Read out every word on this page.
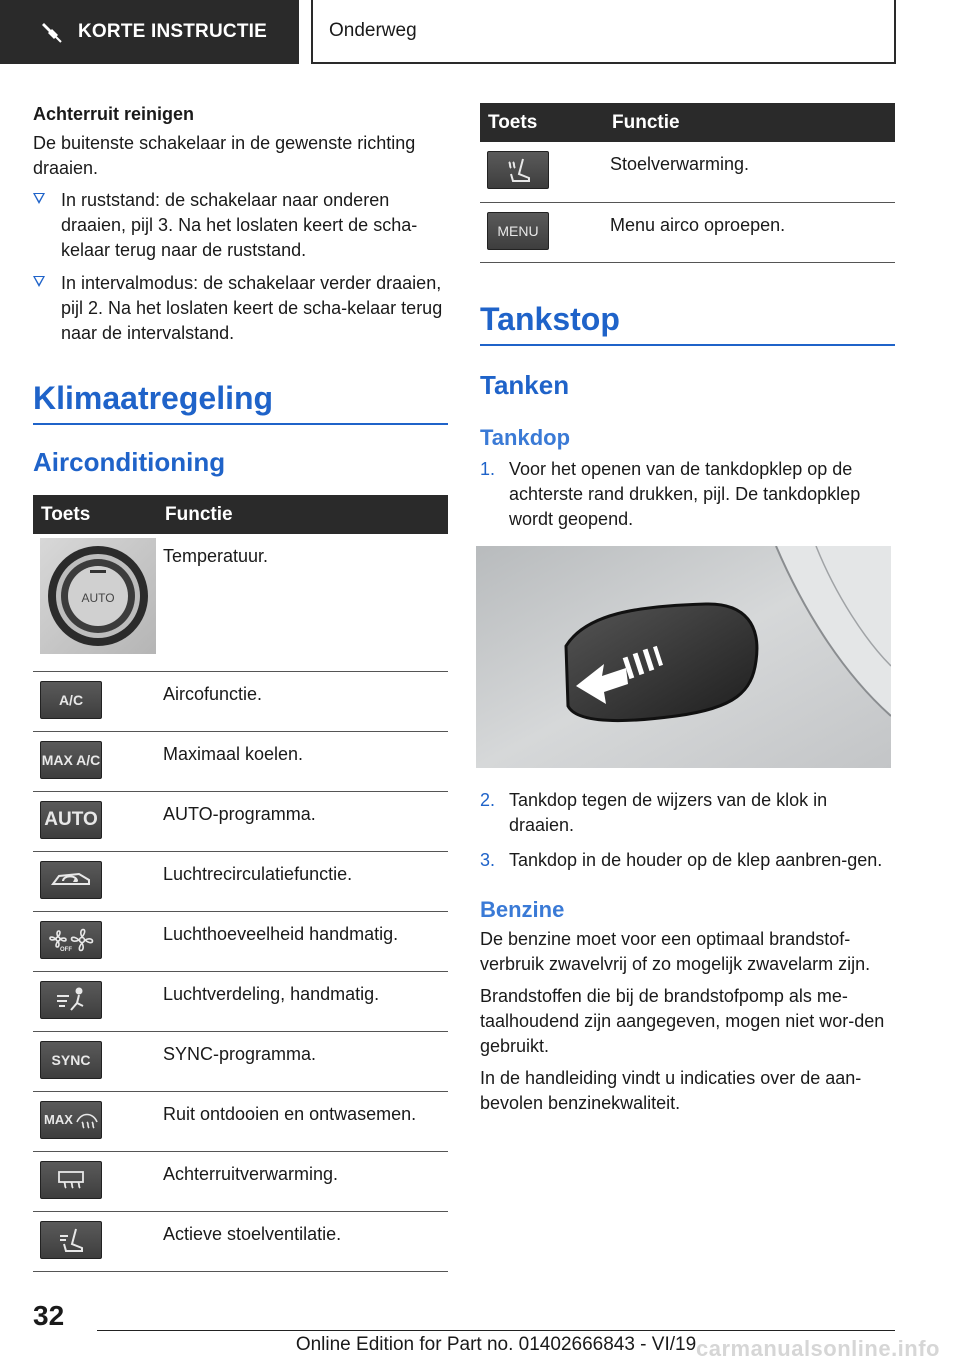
KORTE INSTRUCTIE	Onderweg
Achterruit reinigen

De buitenste schakelaar in de gewenste richting draaien.

In ruststand: de schakelaar naar onderen draaien, pijl 3. Na het loslaten keert de scha-kelaar terug naar de ruststand.
In intervalmodus: de schakelaar verder draaien, pijl 2. Na het loslaten keert de scha-kelaar terug naar de intervalstand.
Klimaatregeling
Airconditioning
Toets	Functie

AUTO	Temperatuur.

A/C	Aircofunctie.

MAX A/C	Maximaal koelen.

AUTO	AUTO-programma.

	Luchtrecirculatiefunctie.

OFF	Luchthoeveelheid handmatig.

	Luchtverdeling, handmatig.

SYNC	SYNC-programma.

MAX	Ruit ontdooien en ontwasemen.

	Achterruitverwarming.

	Actieve stoelventilatie.
Toets	Functie

	Stoelverwarming.

MENU	Menu airco oproepen.
Tankstop
Tanken
Tankdop
1. Voor het openen van de tankdopklep op de achterste rand drukken, pijl. De tankdopklep wordt geopend.
2. Tankdop tegen de wijzers van de klok in draaien.
3. Tankdop in de houder op de klep aanbren-gen.
Benzine

De benzine moet voor een optimaal brandstof-verbruik zwavelvrij of zo mogelijk zwavelarm zijn.

Brandstoffen die bij de brandstofpomp als me-taalhoudend zijn aangegeven, mogen niet wor-den gebruikt.

In de handleiding vindt u indicaties over de aan-bevolen benzinekwaliteit.

32
Online Edition for Part no. 01402666843 - VI/19 carmanualsonline.info
